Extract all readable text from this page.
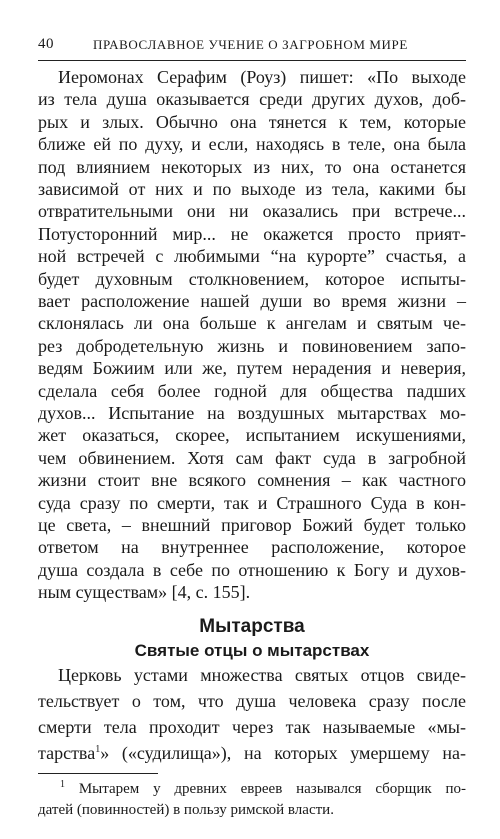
40	ПРАВОСЛАВНОЕ УЧЕНИЕ О ЗАГРОБНОМ МИРЕ
Иеромонах Серафим (Роуз) пишет: «По выходе
из тела душа оказывается среди других духов, доб-
рых и злых. Обычно она тянется к тем, которые
ближе ей по духу, и если, находясь в теле, она была
под влиянием некоторых из них, то она останется
зависимой от них и по выходе из тела, какими бы
отвратительными они ни оказались при встрече...
Потусторонний мир... не окажется просто прият-
ной встречей с любимыми “на курорте” счастья, а
будет духовным столкновением, которое испыты-
вает расположение нашей души во время жизни –
склонялась ли она больше к ангелам и святым че-
рез добродетельную жизнь и повиновением запо-
ведям Божиим или же, путем нерадения и неверия,
сделала себя более годной для общества падших
духов... Испытание на воздушных мытарствах мо-
жет оказаться, скорее, испытанием искушениями,
чем обвинением. Хотя сам факт суда в загробной
жизни стоит вне всякого сомнения – как частного
суда сразу по смерти, так и Страшного Суда в кон-
це света, – внешний приговор Божий будет только
ответом на внутреннее расположение, которое
душа создала в себе по отношению к Богу и духов-
ным существам» [4, с. 155].
Мытарства
Святые отцы о мытарствах
Церковь устами множества святых отцов свиде-
тельствует о том, что душа человека сразу после
смерти тела проходит через так называемые «мы-
тарства$^1$» («судилища»), на которых умершему на-
$^1$ Мытарем у древних евреев назывался сборщик по-
датей (повинностей) в пользу римской власти.
